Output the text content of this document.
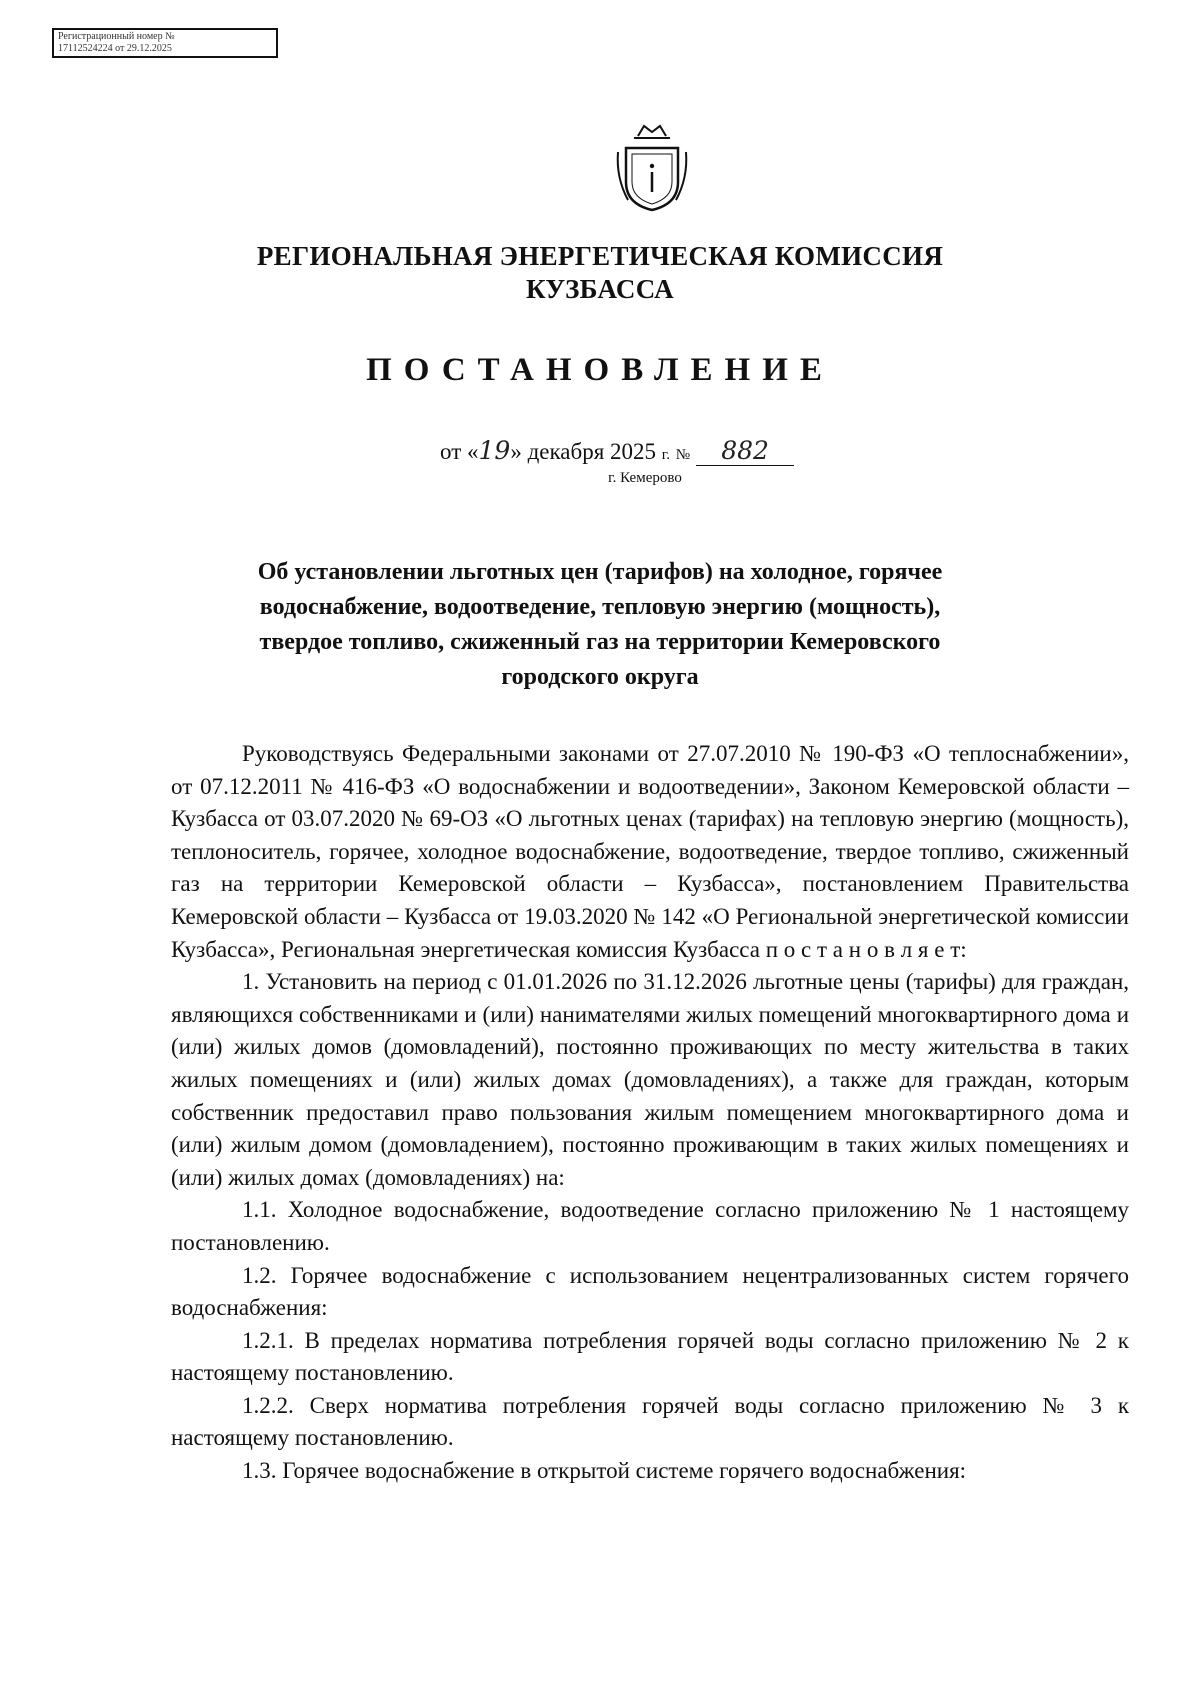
Регистрационный номер №
17112524224 от 29.12.2025
РЕГИОНАЛЬНАЯ ЭНЕРГЕТИЧЕСКАЯ КОМИССИЯ
КУЗБАССА
ПОСТАНОВЛЕНИЕ
от «19» декабря 2025 г. № 882
г. Кемерово
Об установлении льготных цен (тарифов) на холодное, горячее
водоснабжение, водоотведение, тепловую энергию (мощность),
твердое топливо, сжиженный газ на территории Кемеровского
городского округа

Руководствуясь Федеральными законами от 27.07.2010 № 190-ФЗ «О теплоснабжении», от 07.12.2011 № 416-ФЗ «О водоснабжении и водоотведении», Законом Кемеровской области – Кузбасса от 03.07.2020 № 69-ОЗ «О льготных ценах (тарифах) на тепловую энергию (мощность), теплоноситель, горячее, холодное водоснабжение, водоотведение, твердое топливо, сжиженный газ на территории Кемеровской области – Кузбасса», постановлением Правительства Кемеровской области – Кузбасса от 19.03.2020 № 142 «О Региональной энергетической комиссии Кузбасса», Региональная энергетическая комиссия Кузбасса п о с т а н о в л я е т:

1. Установить на период с 01.01.2026 по 31.12.2026 льготные цены (тарифы) для граждан, являющихся собственниками и (или) нанимателями жилых помещений многоквартирного дома и (или) жилых домов (домовладений), постоянно проживающих по месту жительства в таких жилых помещениях и (или) жилых домах (домовладениях), а также для граждан, которым собственник предоставил право пользования жилым помещением многоквартирного дома и (или) жилым домом (домовладением), постоянно проживающим в таких жилых помещениях и (или) жилых домах (домовладениях) на:

1.1. Холодное водоснабжение, водоотведение согласно приложению № 1 настоящему постановлению.

1.2. Горячее водоснабжение с использованием нецентрализованных систем горячего водоснабжения:

1.2.1. В пределах норматива потребления горячей воды согласно приложению № 2 к настоящему постановлению.

1.2.2. Сверх норматива потребления горячей воды согласно приложению № 3 к настоящему постановлению.

1.3. Горячее водоснабжение в открытой системе горячего водоснабжения:
